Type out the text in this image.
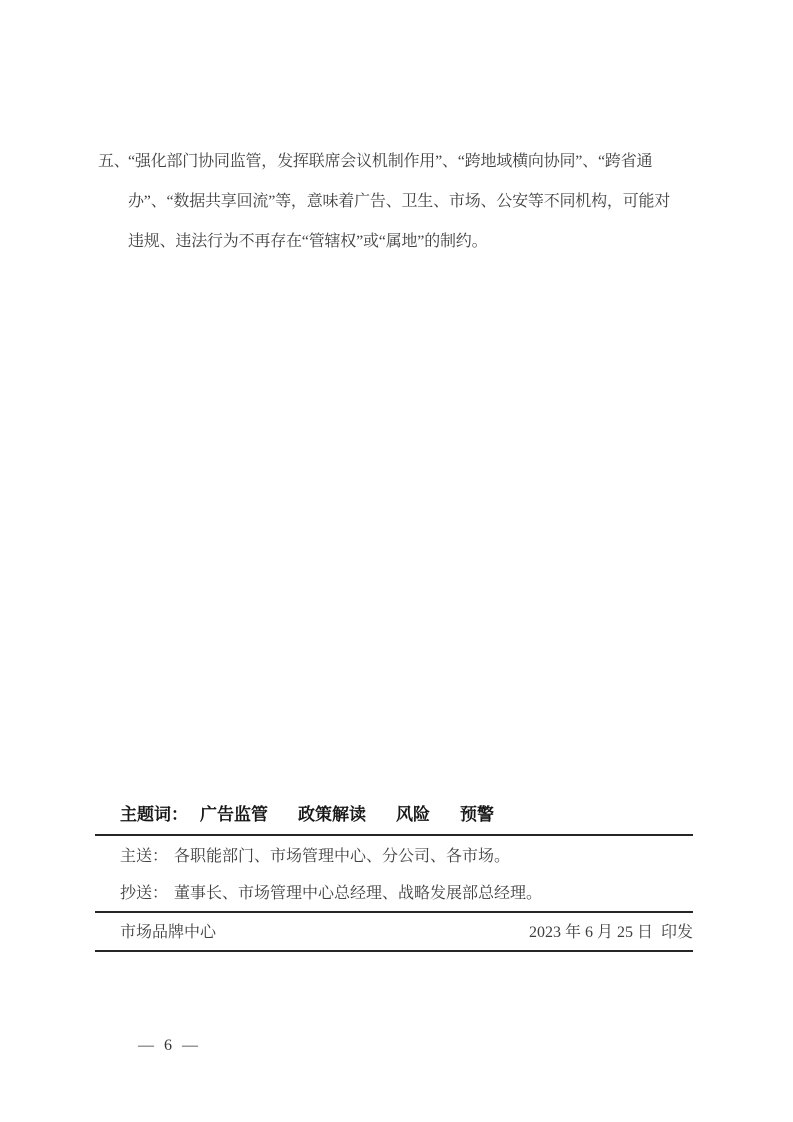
五、“强化部门协同监管，发挥联席会议机制作用”、“跨地域横向协同”、“跨省通
办”、“数据共享回流”等，意味着广告、卫生、市场、公安等不同机构，可能对
违规、违法行为不再存在“管辖权”或“属地”的制约。
主题词： 广告监管 政策解读 风险 预警
主送： 各职能部门、市场管理中心、分公司、各市场。
抄送： 董事长、市场管理中心总经理、战略发展部总经理。
市场品牌中心	2023 年 6 月 25 日  印发
— 6 —
